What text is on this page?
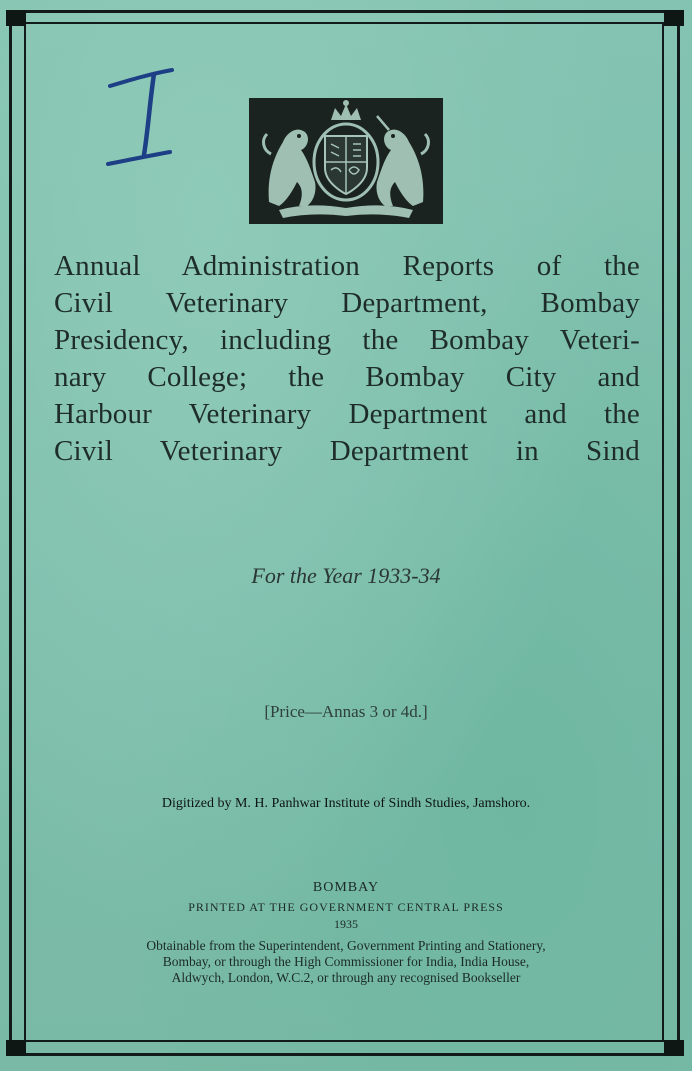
Annual Administration Reports of the
Civil Veterinary Department, Bombay
Presidency, including the Bombay Veteri-
nary College; the Bombay City and
Harbour Veterinary Department and the
Civil Veterinary Department in Sind
For the Year 1933-34
[Price—Annas 3 or 4d.]
Digitized by M. H. Panhwar Institute of Sindh Studies, Jamshoro.
BOMBAY
PRINTED AT THE GOVERNMENT CENTRAL PRESS
1935
Obtainable from the Superintendent, Government Printing and Stationery,
Bombay, or through the High Commissioner for India, India House,
Aldwych, London, W.C.2, or through any recognised Bookseller
